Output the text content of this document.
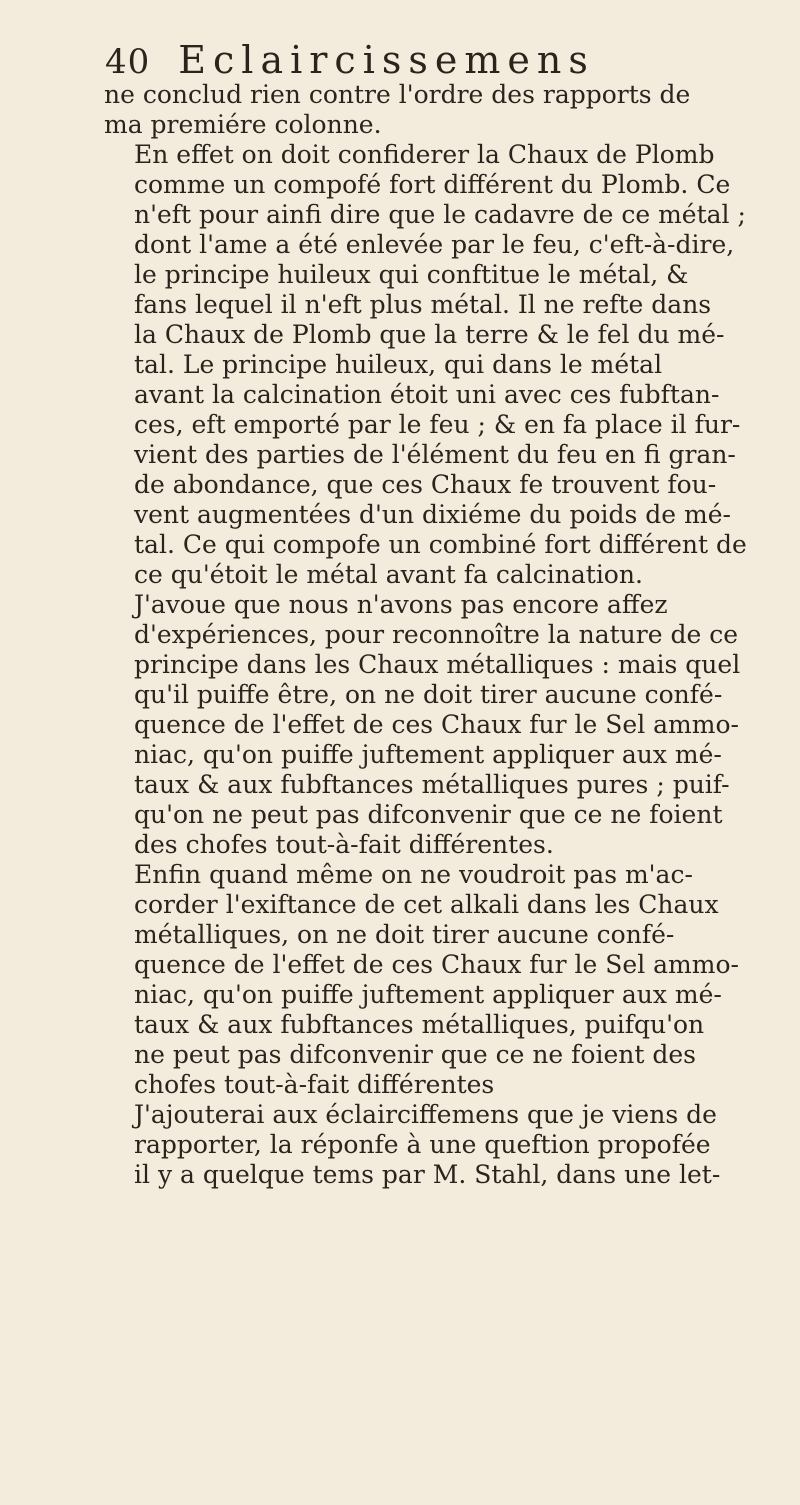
40 Eclaircissemens

ne conclud rien contre l'ordre des rapports de
ma premiére colonne.

En effet on doit confiderer la Chaux de Plomb
comme un compofé fort différent du Plomb. Ce
n'eft pour ainfi dire que le cadavre de ce métal ;
dont l'ame a été enlevée par le feu, c'eft-à-dire,
le principe huileux qui conftitue le métal, &
fans lequel il n'eft plus métal. Il ne refte dans
la Chaux de Plomb que la terre & le fel du mé-
tal. Le principe huileux, qui dans le métal
avant la calcination étoit uni avec ces fubftan-
ces, eft emporté par le feu ; & en fa place il fur-
vient des parties de l'élément du feu en fi gran-
de abondance, que ces Chaux fe trouvent fou-
vent augmentées d'un dixiéme du poids de mé-
tal. Ce qui compofe un combiné fort différent de
ce qu'étoit le métal avant fa calcination.

J'avoue que nous n'avons pas encore affez
d'expériences, pour reconnoître la nature de ce
principe dans les Chaux métalliques : mais quel
qu'il puiffe être, on ne doit tirer aucune confé-
quence de l'effet de ces Chaux fur le Sel ammo-
niac, qu'on puiffe juftement appliquer aux mé-
taux & aux fubftances métalliques pures ; puif-
qu'on ne peut pas difconvenir que ce ne foient
des chofes tout-à-fait différentes.

Enfin quand même on ne voudroit pas m'ac-
corder l'exiftance de cet alkali dans les Chaux
métalliques, on ne doit tirer aucune confé-
quence de l'effet de ces Chaux fur le Sel ammo-
niac, qu'on puiffe juftement appliquer aux mé-
taux & aux fubftances métalliques, puifqu'on
ne peut pas difconvenir que ce ne foient des
chofes tout-à-fait différentes

J'ajouterai aux éclairciffemens que je viens de
rapporter, la réponfe à une queftion propofée
il y a quelque tems par M. Stahl, dans une let-
